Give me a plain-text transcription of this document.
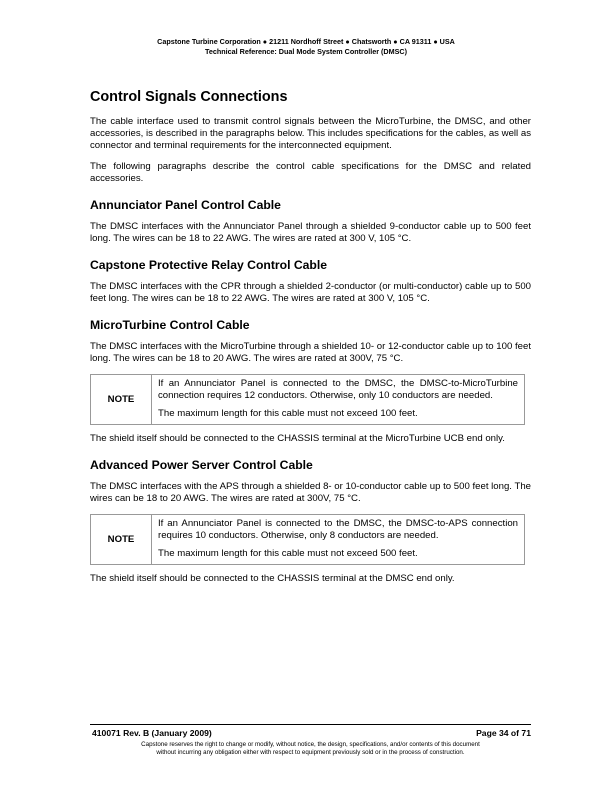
Capstone Turbine Corporation ● 21211 Nordhoff Street ● Chatsworth ● CA 91311 ● USA
Technical Reference: Dual Mode System Controller (DMSC)
Control Signals Connections

The cable interface used to transmit control signals between the MicroTurbine, the DMSC, and other accessories, is described in the paragraphs below. This includes specifications for the cables, as well as connector and terminal requirements for the interconnected equipment.

The following paragraphs describe the control cable specifications for the DMSC and related accessories.

Annunciator Panel Control Cable

The DMSC interfaces with the Annunciator Panel through a shielded 9-conductor cable up to 500 feet long. The wires can be 18 to 22 AWG. The wires are rated at 300 V, 105 °C.

Capstone Protective Relay Control Cable

The DMSC interfaces with the CPR through a shielded 2-conductor (or multi-conductor) cable up to 500 feet long. The wires can be 18 to 22 AWG. The wires are rated at 300 V, 105 °C.

MicroTurbine Control Cable

The DMSC interfaces with the MicroTurbine through a shielded 10- or 12-conductor cable up to 100 feet long. The wires can be 18 to 20 AWG. The wires are rated at 300V, 75 °C.

NOTE	
If an Annunciator Panel is connected to the DMSC, the DMSC-to-MicroTurbine connection requires 12 conductors. Otherwise, only 10 conductors are needed.
The maximum length for this cable must not exceed 100 feet.

The shield itself should be connected to the CHASSIS terminal at the MicroTurbine UCB end only.

Advanced Power Server Control Cable

The DMSC interfaces with the APS through a shielded 8- or 10-conductor cable up to 500 feet long. The wires can be 18 to 20 AWG. The wires are rated at 300V, 75 °C.

NOTE	
If an Annunciator Panel is connected to the DMSC, the DMSC-to-APS connection requires 10 conductors. Otherwise, only 8 conductors are needed.
The maximum length for this cable must not exceed 500 feet.

The shield itself should be connected to the CHASSIS terminal at the DMSC end only.

410071 Rev. B (January 2009)	Page 34 of 71
Capstone reserves the right to change or modify, without notice, the design, specifications, and/or contents of this document
without incurring any obligation either with respect to equipment previously sold or in the process of construction.
